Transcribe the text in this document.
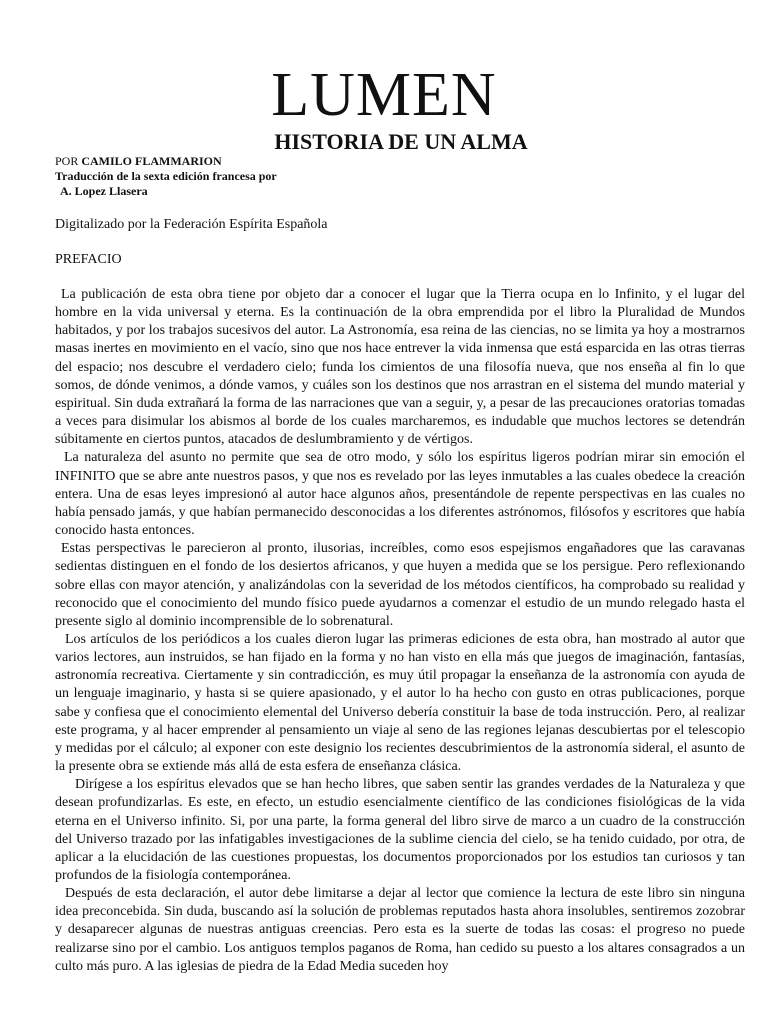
LUMEN
HISTORIA DE UN ALMA
POR CAMILO FLAMMARION
Traducción de la sexta edición francesa por
A. Lopez Llasera
Digitalizado por la Federación Espírita Española
PREFACIO

La publicación de esta obra tiene por objeto dar a conocer el lugar que la Tierra ocupa en lo Infinito, y el lugar del hombre en la vida universal y eterna. Es la continuación de la obra emprendida por el libro la Pluralidad de Mundos habitados, y por los trabajos sucesivos del autor. La Astronomía, esa reina de las ciencias, no se limita ya hoy a mostrarnos masas inertes en movimiento en el vacío, sino que nos hace entrever la vida inmensa que está esparcida en las otras tierras del espacio; nos descubre el verdadero cielo; funda los cimientos de una filosofía nueva, que nos enseña al fin lo que somos, de dónde venimos, a dónde vamos, y cuáles son los destinos que nos arrastran en el sistema del mundo material y espiritual. Sin duda extrañará la forma de las narraciones que van a seguir, y, a pesar de las precauciones oratorias tomadas a veces para disimular los abismos al borde de los cuales marcharemos, es indudable que muchos lectores se detendrán súbitamente en ciertos puntos, atacados de deslumbramiento y de vértigos.

La naturaleza del asunto no permite que sea de otro modo, y sólo los espíritus ligeros podrían mirar sin emoción el INFINITO que se abre ante nuestros pasos, y que nos es revelado por las leyes inmutables a las cuales obedece la creación entera. Una de esas leyes impresionó al autor hace algunos años, presentándole de repente perspectivas en las cuales no había pensado jamás, y que habían permanecido desconocidas a los diferentes astrónomos, filósofos y escritores que había conocido hasta entonces.

Estas perspectivas le parecieron al pronto, ilusorias, increíbles, como esos espejismos engañadores que las caravanas sedientas distinguen en el fondo de los desiertos africanos, y que huyen a medida que se los persigue. Pero reflexionando sobre ellas con mayor atención, y analizándolas con la severidad de los métodos científicos, ha comprobado su realidad y reconocido que el conocimiento del mundo físico puede ayudarnos a comenzar el estudio de un mundo relegado hasta el presente siglo al dominio incomprensible de lo sobrenatural.

Los artículos de los periódicos a los cuales dieron lugar las primeras ediciones de esta obra, han mostrado al autor que varios lectores, aun instruidos, se han fijado en la forma y no han visto en ella más que juegos de imaginación, fantasías, astronomía recreativa. Ciertamente y sin contradicción, es muy útil propagar la enseñanza de la astronomía con ayuda de un lenguaje imaginario, y hasta si se quiere apasionado, y el autor lo ha hecho con gusto en otras publicaciones, porque sabe y confiesa que el conocimiento elemental del Universo debería constituir la base de toda instrucción. Pero, al realizar este programa, y al hacer emprender al pensamiento un viaje al seno de las regiones lejanas descubiertas por el telescopio y medidas por el cálculo; al exponer con este designio los recientes descubrimientos de la astronomía sideral, el asunto de la presente obra se extiende más allá de esta esfera de enseñanza clásica.

Dirígese a los espíritus elevados que se han hecho libres, que saben sentir las grandes verdades de la Naturaleza y que desean profundizarlas. Es este, en efecto, un estudio esencialmente científico de las condiciones fisiológicas de la vida eterna en el Universo infinito. Si, por una parte, la forma general del libro sirve de marco a un cuadro de la construcción del Universo trazado por las infatigables investigaciones de la sublime ciencia del cielo, se ha tenido cuidado, por otra, de aplicar a la elucidación de las cuestiones propuestas, los documentos proporcionados por los estudios tan curiosos y tan profundos de la fisiología contemporánea.

Después de esta declaración, el autor debe limitarse a dejar al lector que comience la lectura de este libro sin ninguna idea preconcebida. Sin duda, buscando así la solución de problemas reputados hasta ahora insolubles, sentiremos zozobrar y desaparecer algunas de nuestras antiguas creencias. Pero esta es la suerte de todas las cosas: el progreso no puede realizarse sino por el cambio. Los antiguos templos paganos de Roma, han cedido su puesto a los altares consagrados a un culto más puro. A las iglesias de piedra de la Edad Media suceden hoy
